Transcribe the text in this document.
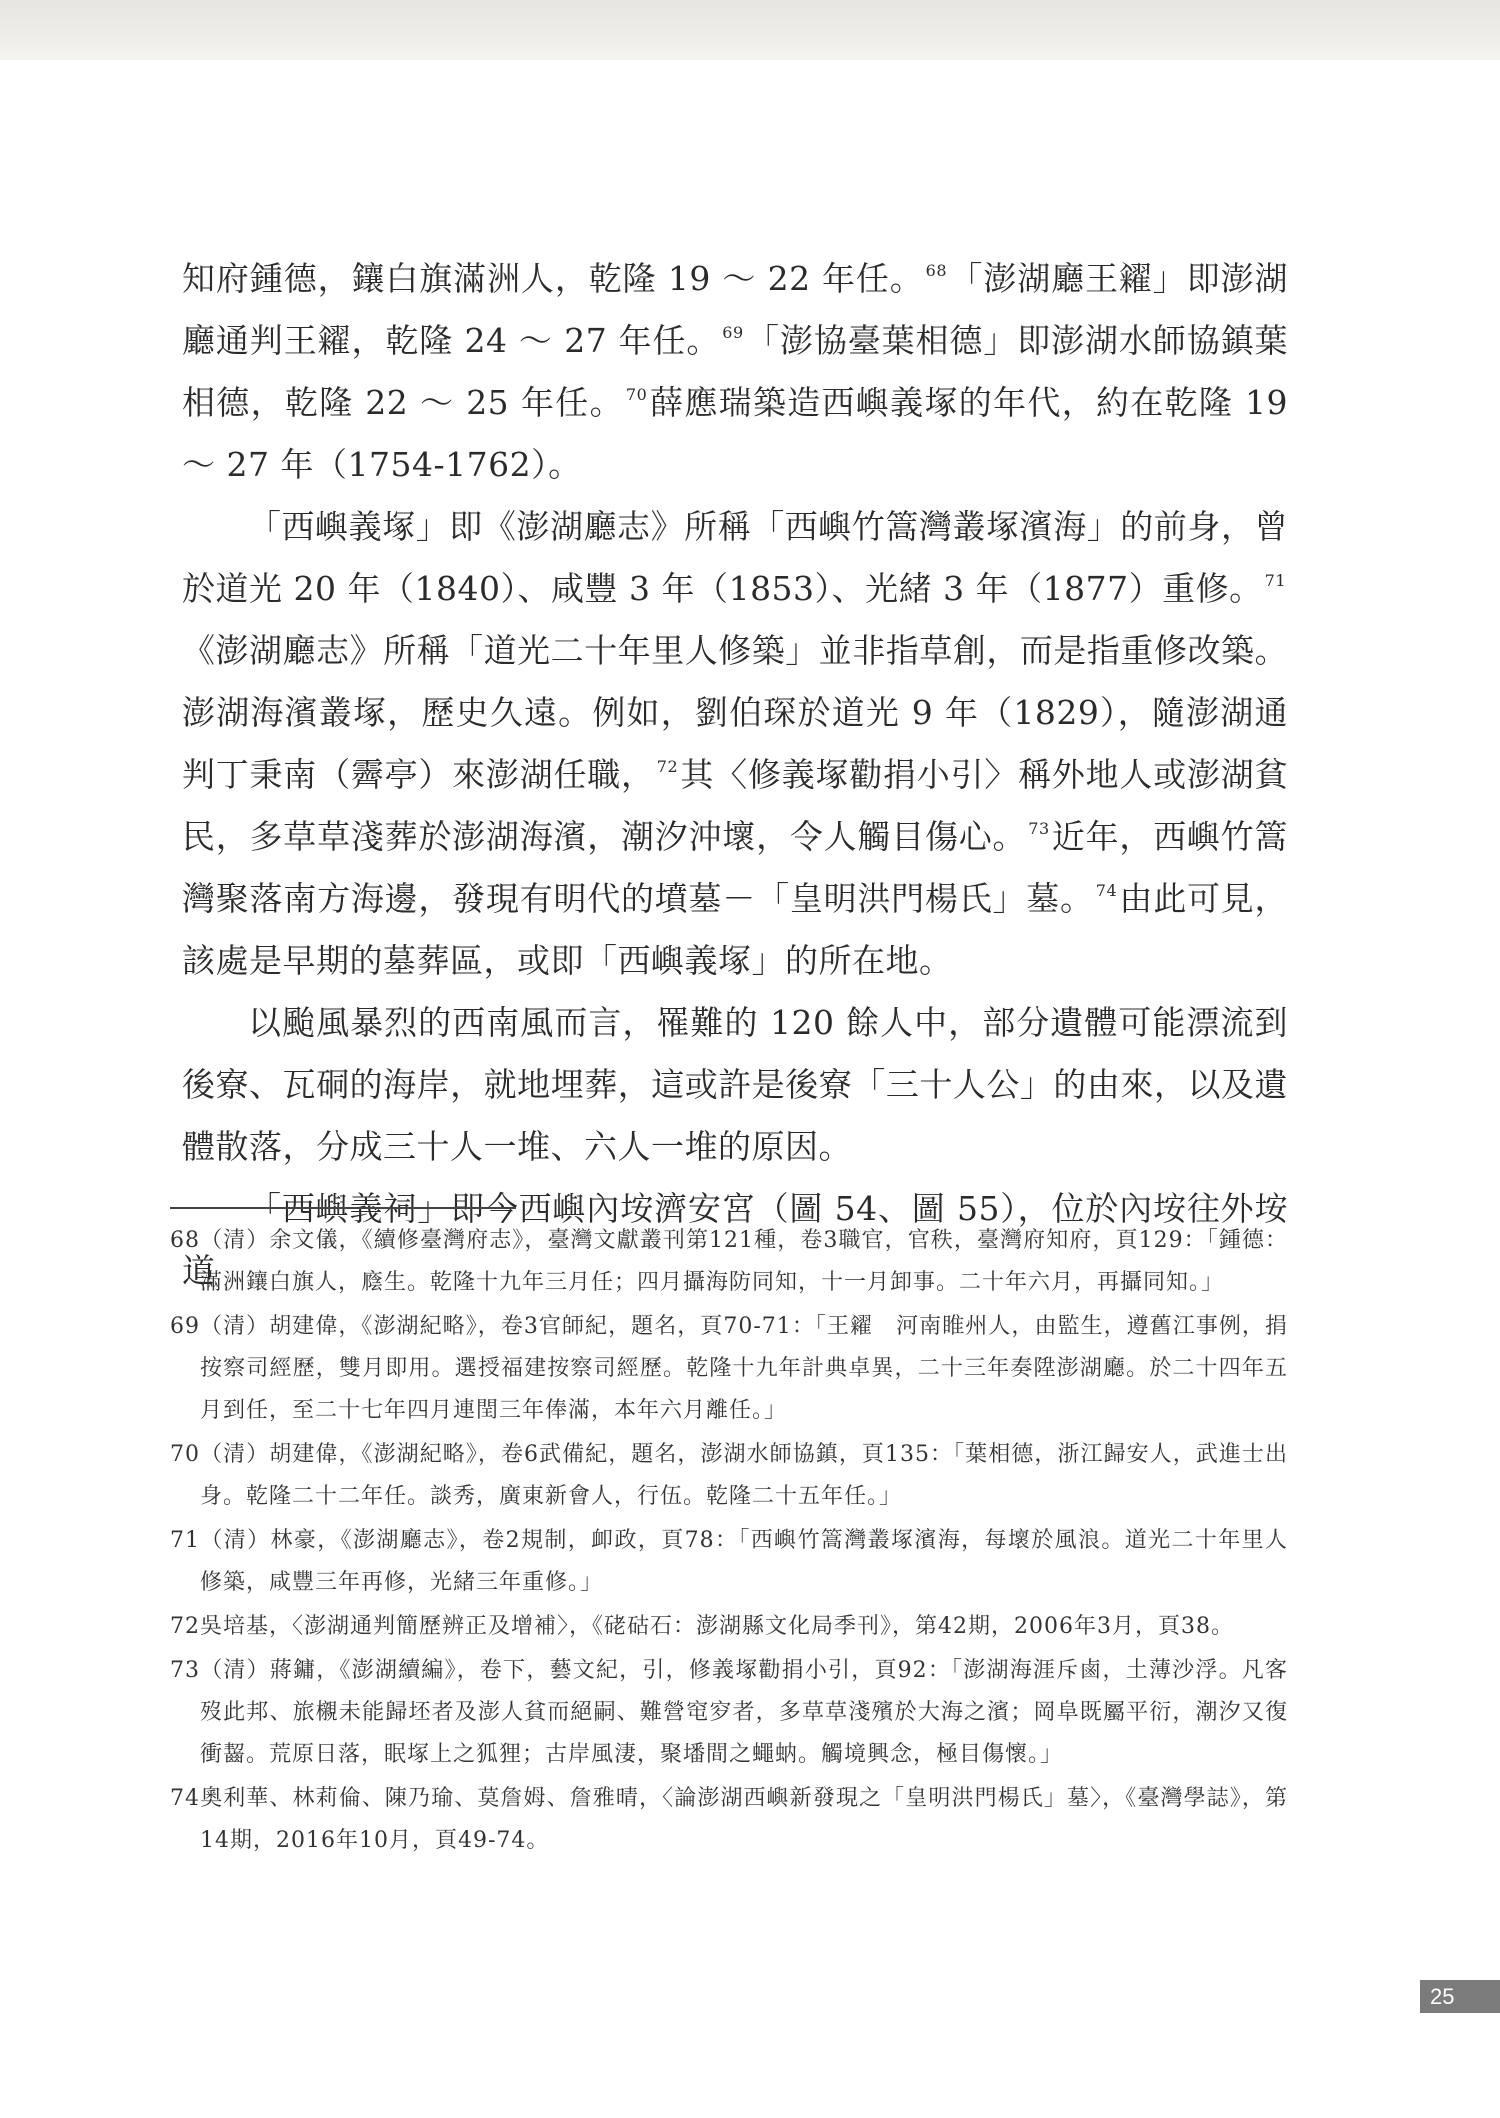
知府鍾德，鑲白旗滿洲人，乾隆 19 ～ 22 年任。 $^{68}$「澎湖廳王糴」即澎湖廳通判王糴，乾隆 24 ～ 27 年任。 $^{69}$「澎協臺葉相德」即澎湖水師協鎮葉相德，乾隆 22 ～ 25 年任。 $^{70}$薛應瑞築造西嶼義塚的年代，約在乾隆 19 ～ 27 年（1754-1762）。

「西嶼義塚」即《澎湖廳志》所稱「西嶼竹篙灣叢塚濱海」的前身，曾於道光 20 年（1840）、咸豐 3 年（1853）、光緒 3 年（1877）重修。 $^{71}$《澎湖廳志》所稱「道光二十年里人修築」並非指草創，而是指重修改築。澎湖海濱叢塚，歷史久遠。例如，劉伯琛於道光 9 年（1829），隨澎湖通判丁秉南（霽亭）來澎湖任職， $^{72}$其〈修義塚勸捐小引〉稱外地人或澎湖貧民，多草草淺葬於澎湖海濱，潮汐沖壞，令人觸目傷心。 $^{73}$近年，西嶼竹篙灣聚落南方海邊，發現有明代的墳墓－「皇明洪門楊氏」墓。 $^{74}$由此可見，該處是早期的墓葬區，或即「西嶼義塚」的所在地。

以颱風暴烈的西南風而言，罹難的 120 餘人中，部分遺體可能漂流到後寮、瓦硐的海岸，就地埋葬，這或許是後寮「三十人公」的由來，以及遺體散落，分成三十人一堆、六人一堆的原因。

「西嶼義祠」即今西嶼內垵濟安宮（圖 54、圖 55），位於內垵往外垵道

68（清）余文儀，《續修臺灣府志》，臺灣文獻叢刊第121種，卷3職官，官秩，臺灣府知府，頁129：「鍾德：滿洲鑲白旗人，廕生。乾隆十九年三月任；四月攝海防同知，十一月卸事。二十年六月，再攝同知。」
69（清）胡建偉，《澎湖紀略》，卷3官師紀，題名，頁70-71：「王糴　河南睢州人，由監生，遵舊江事例，捐按察司經歷，雙月即用。選授福建按察司經歷。乾隆十九年計典卓異，二十三年奏陞澎湖廳。於二十四年五月到任，至二十七年四月連閏三年俸滿，本年六月離任。」
70（清）胡建偉，《澎湖紀略》，卷6武備紀，題名，澎湖水師協鎮，頁135：「葉相德，浙江歸安人，武進士出身。乾隆二十二年任。談秀，廣東新會人，行伍。乾隆二十五年任。」
71（清）林豪，《澎湖廳志》，卷2規制，卹政，頁78：「西嶼竹篙灣叢塚濱海，每壞於風浪。道光二十年里人修築，咸豐三年再修，光緒三年重修。」
72吳培基，〈澎湖通判簡歷辨正及增補〉，《硓𥑮石：澎湖縣文化局季刊》，第42期，2006年3月，頁38。
73（清）蔣鏞，《澎湖續編》，卷下，藝文紀，引，修義塚勸捐小引，頁92：「澎湖海涯斥鹵，土薄沙浮。凡客歿此邦、旅櫬未能歸坯者及澎人貧而絕嗣、難營窀穸者，多草草淺殯於大海之濱；岡阜既屬平衍，潮汐又復衝齧。荒原日落，眠塚上之狐狸；古岸風淒，聚墦間之蠅蚋。觸境興念，極目傷懷。」
74奧利華、林莉倫、陳乃瑜、莫詹姆、詹雅晴，〈論澎湖西嶼新發現之「皇明洪門楊氏」墓〉，《臺灣學誌》，第14期，2016年10月，頁49-74。
25
